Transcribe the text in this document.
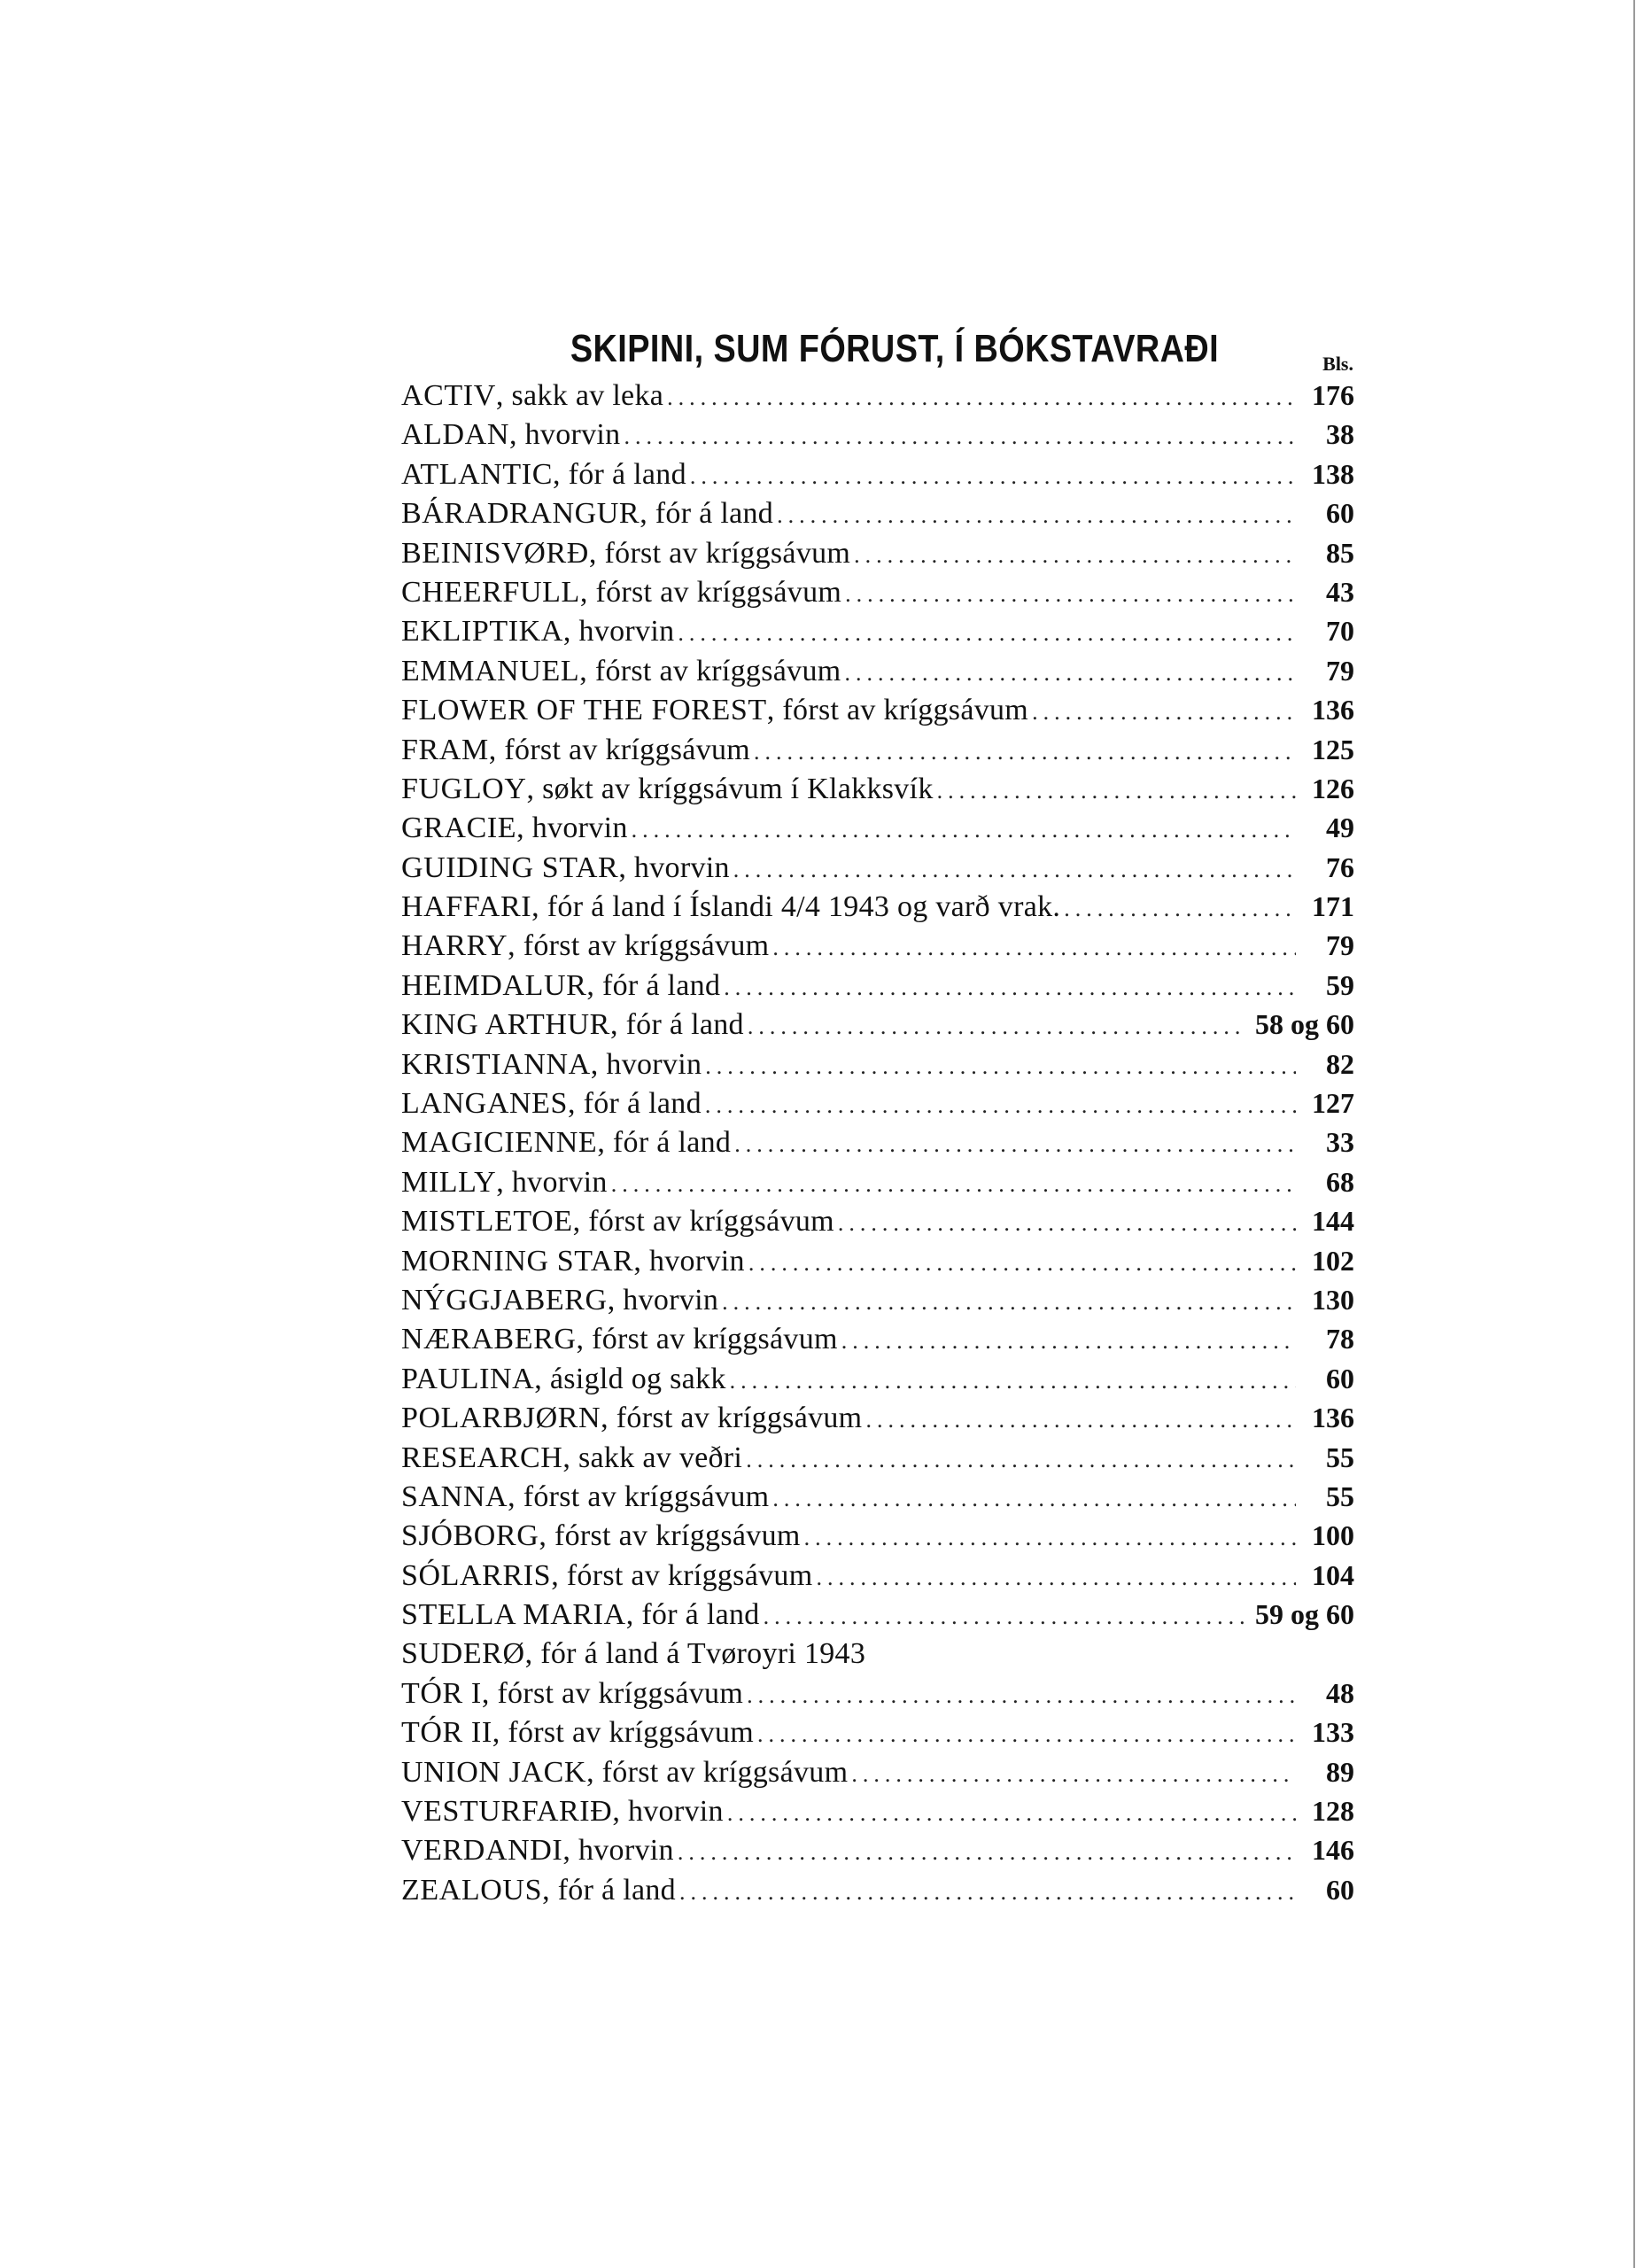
SKIPINI, SUM FÓRUST, Í BÓKSTAVRAÐI	Bls.
ACTIV, sakk av leka .....	176
ALDAN, hvorvin .....	38
ATLANTIC, fór á land .....	138
BÁRADRANGUR, fór á land .....	60
BEINISVØRÐ, fórst av kríggsávum .....	85
CHEERFULL, fórst av kríggsávum .....	43
EKLIPTIKA, hvorvin .....	70
EMMANUEL, fórst av kríggsávum .....	79
FLOWER OF THE FOREST, fórst av kríggsávum .....	136
FRAM, fórst av kríggsávum .....	125
FUGLOY, søkt av kríggsávum í Klakksvík .....	126
GRACIE, hvorvin .....	49
GUIDING STAR, hvorvin .....	76
HAFFARI, fór á land í Íslandi 4/4 1943 og varð vrak. .....	171
HARRY, fórst av kríggsávum .....	79
HEIMDALUR, fór á land .....	59
KING ARTHUR, fór á land .....	58 og 60
KRISTIANNA, hvorvin .....	82
LANGANES, fór á land .....	127
MAGICIENNE, fór á land .....	33
MILLY, hvorvin .....	68
MISTLETOE, fórst av kríggsávum .....	144
MORNING STAR, hvorvin .....	102
NÝGGJABERG, hvorvin .....	130
NÆRABERG, fórst av kríggsávum .....	78
PAULINA, ásigld og sakk .....	60
POLARBJØRN, fórst av kríggsávum .....	136
RESEARCH, sakk av veðri .....	55
SANNA, fórst av kríggsávum .....	55
SJÓBORG, fórst av kríggsávum .....	100
SÓLARRIS, fórst av kríggsávum .....	104
STELLA MARIA, fór á land .....	59 og 60
SUDERØ, fór á land á Tvøroyri 1943
TÓR I, fórst av kríggsávum .....	48
TÓR II, fórst av kríggsávum .....	133
UNION JACK, fórst av kríggsávum .....	89
VESTURFARIÐ, hvorvin .....	128
VERDANDI, hvorvin .....	146
ZEALOUS, fór á land .....	60
